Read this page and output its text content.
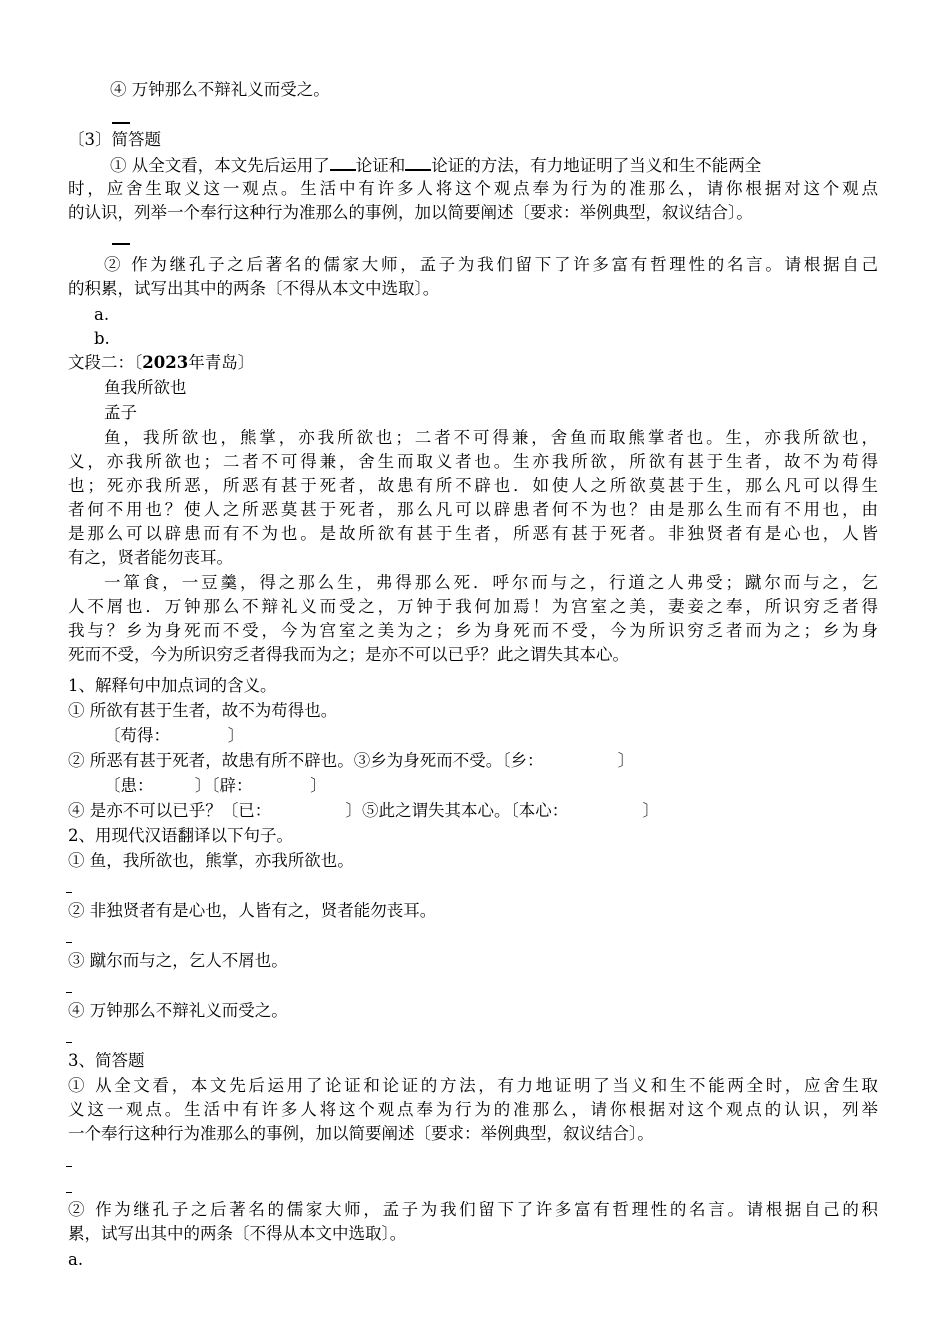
④ 万钟那么不辩礼义而受之。
〔3〕简答题
① 从全文看，本文先后运用了 论证和 论证的方法，有力地证明了当义和生不能两全
时，应舍生取义这一观点。生活中有许多人将这个观点奉为行为的准那么，请你根据对这个观点
的认识，列举一个奉行这种行为准那么的事例，加以简要阐述〔要求：举例典型，叙议结合〕。
② 作为继孔子之后著名的儒家大师，孟子为我们留下了许多富有哲理性的名言。请根据自己
的积累，试写出其中的两条〔不得从本文中选取〕。
a.
b.
文段二：〔2023年青岛〕
鱼我所欲也
孟子
鱼，我所欲也，熊掌，亦我所欲也；二者不可得兼，舍鱼而取熊掌者也。生，亦我所欲也，
义，亦我所欲也；二者不可得兼，舍生而取义者也。生亦我所欲，所欲有甚于生者，故不为苟得
也；死亦我所恶，所恶有甚于死者，故患有所不辟也．如使人之所欲莫甚于生，那么凡可以得生
者何不用也？使人之所恶莫甚于死者，那么凡可以辟患者何不为也？由是那么生而有不用也，由
是那么可以辟患而有不为也。是故所欲有甚于生者，所恶有甚于死者。非独贤者有是心也，人皆
有之，贤者能勿丧耳。
一箪食，一豆羹，得之那么生，弗得那么死．呼尔而与之，行道之人弗受；蹴尔而与之，乞
人不屑也．万钟那么不辩礼义而受之，万钟于我何加焉！为宫室之美，妻妾之奉，所识穷乏者得
我与？乡为身死而不受，今为宫室之美为之；乡为身死而不受，今为所识穷乏者而为之；乡为身
死而不受，今为所识穷乏者得我而为之；是亦不可以已乎？此之谓失其本心。
1、解释句中加点词的含义。
① 所欲有甚于生者，故不为苟得也。
〔苟得：　　　　〕
② 所恶有甚于死者，故患有所不辟也。③乡为身死而不受。〔乡：　　　　　〕
〔患：　　　〕〔辟：　　　　〕
④ 是亦不可以已乎？〔已：　　　　　〕⑤此之谓失其本心。〔本心：　　　　　〕
2、用现代汉语翻译以下句子。
① 鱼，我所欲也，熊掌，亦我所欲也。
② 非独贤者有是心也，人皆有之，贤者能勿丧耳。
③ 蹴尔而与之，乞人不屑也。
④ 万钟那么不辩礼义而受之。
3、简答题
① 从全文看，本文先后运用了论证和论证的方法，有力地证明了当义和生不能两全时，应舍生取
义这一观点。生活中有许多人将这个观点奉为行为的准那么，请你根据对这个观点的认识，列举
一个奉行这种行为准那么的事例，加以简要阐述〔要求：举例典型，叙议结合〕。
② 作为继孔子之后著名的儒家大师，孟子为我们留下了许多富有哲理性的名言。请根据自己的积
累，试写出其中的两条〔不得从本文中选取〕。
a.
